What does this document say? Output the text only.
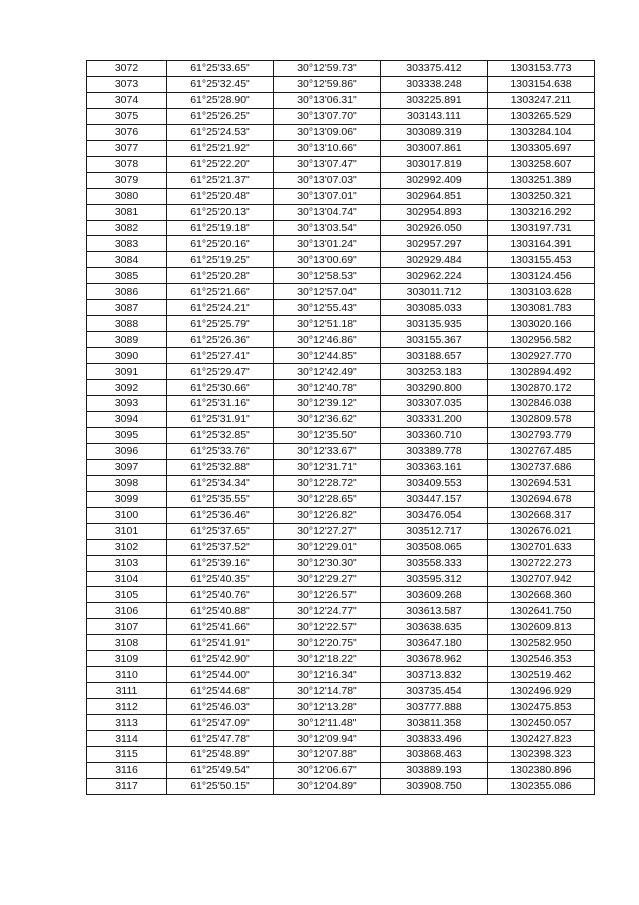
3072	61°25'33.65"	30°12'59.73"	303375.412	1303153.773
3073	61°25'32.45"	30°12'59.86"	303338.248	1303154.638
3074	61°25'28.90"	30°13'06.31"	303225.891	1303247.211
3075	61°25'26.25"	30°13'07.70"	303143.111	1303265.529
3076	61°25'24.53"	30°13'09.06"	303089.319	1303284.104
3077	61°25'21.92"	30°13'10.66"	303007.861	1303305.697
3078	61°25'22.20"	30°13'07.47"	303017.819	1303258.607
3079	61°25'21.37"	30°13'07.03"	302992.409	1303251.389
3080	61°25'20.48"	30°13'07.01"	302964.851	1303250.321
3081	61°25'20.13"	30°13'04.74"	302954.893	1303216.292
3082	61°25'19.18"	30°13'03.54"	302926.050	1303197.731
3083	61°25'20.16"	30°13'01.24"	302957.297	1303164.391
3084	61°25'19.25"	30°13'00.69"	302929.484	1303155.453
3085	61°25'20.28"	30°12'58.53"	302962.224	1303124.456
3086	61°25'21.66"	30°12'57.04"	303011.712	1303103.628
3087	61°25'24.21"	30°12'55.43"	303085.033	1303081.783
3088	61°25'25.79"	30°12'51.18"	303135.935	1303020.166
3089	61°25'26.36"	30°12'46.86"	303155.367	1302956.582
3090	61°25'27.41"	30°12'44.85"	303188.657	1302927.770
3091	61°25'29.47"	30°12'42.49"	303253.183	1302894.492
3092	61°25'30.66"	30°12'40.78"	303290.800	1302870.172
3093	61°25'31.16"	30°12'39.12"	303307.035	1302846.038
3094	61°25'31.91"	30°12'36.62"	303331.200	1302809.578
3095	61°25'32.85"	30°12'35.50"	303360.710	1302793.779
3096	61°25'33.76"	30°12'33.67"	303389.778	1302767.485
3097	61°25'32.88"	30°12'31.71"	303363.161	1302737.686
3098	61°25'34.34"	30°12'28.72"	303409.553	1302694.531
3099	61°25'35.55"	30°12'28.65"	303447.157	1302694.678
3100	61°25'36.46"	30°12'26.82"	303476.054	1302668.317
3101	61°25'37.65"	30°12'27.27"	303512.717	1302676.021
3102	61°25'37.52"	30°12'29.01"	303508.065	1302701.633
3103	61°25'39.16"	30°12'30.30"	303558.333	1302722.273
3104	61°25'40.35"	30°12'29.27"	303595.312	1302707.942
3105	61°25'40.76"	30°12'26.57"	303609.268	1302668.360
3106	61°25'40.88"	30°12'24.77"	303613.587	1302641.750
3107	61°25'41.66"	30°12'22.57"	303638.635	1302609.813
3108	61°25'41.91"	30°12'20.75"	303647.180	1302582.950
3109	61°25'42.90"	30°12'18.22"	303678.962	1302546.353
3110	61°25'44.00"	30°12'16.34"	303713.832	1302519.462
3111	61°25'44.68"	30°12'14.78"	303735.454	1302496.929
3112	61°25'46.03"	30°12'13.28"	303777.888	1302475.853
3113	61°25'47.09"	30°12'11.48"	303811.358	1302450.057
3114	61°25'47.78"	30°12'09.94"	303833.496	1302427.823
3115	61°25'48.89"	30°12'07.88"	303868.463	1302398.323
3116	61°25'49.54"	30°12'06.67"	303889.193	1302380.896
3117	61°25'50.15"	30°12'04.89"	303908.750	1302355.086
